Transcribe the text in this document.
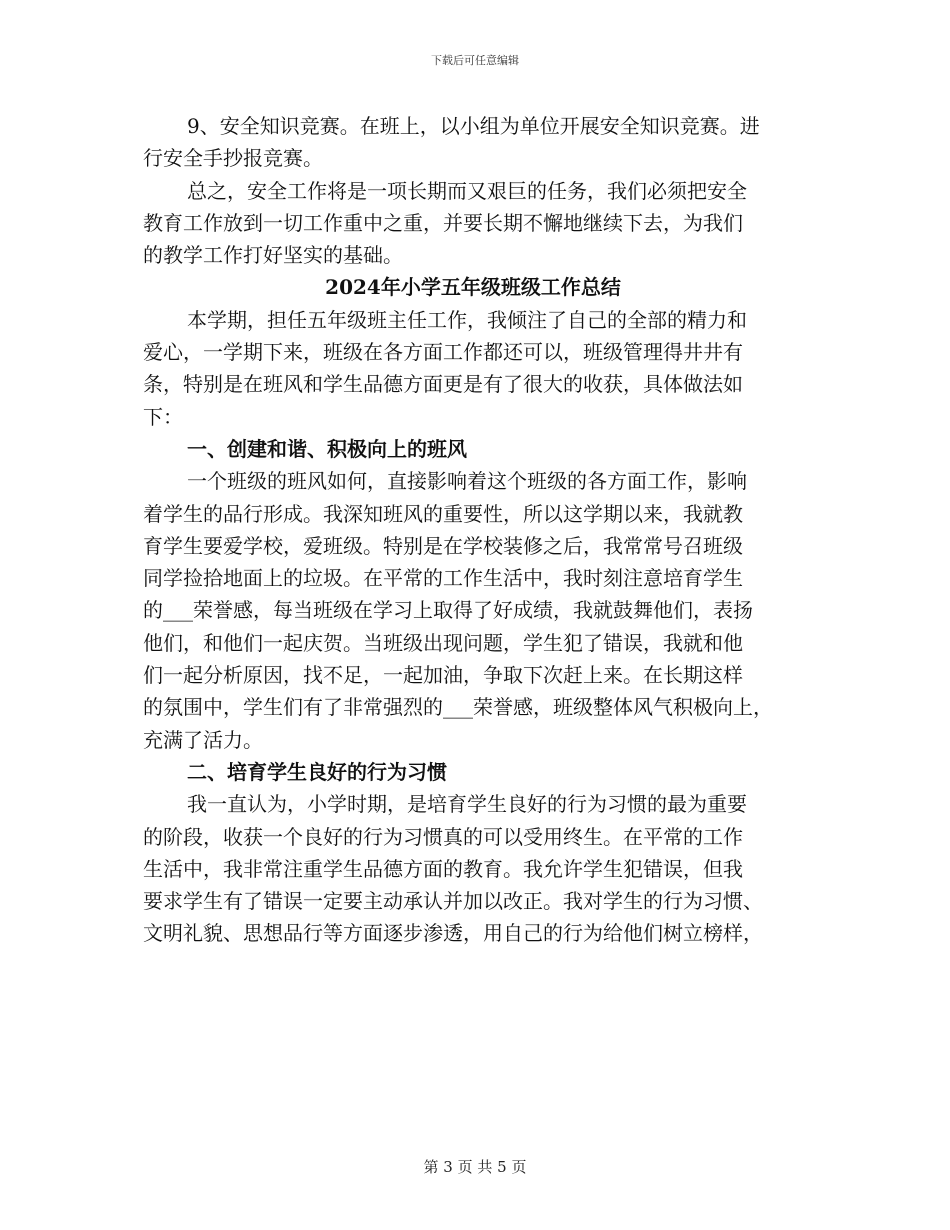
下载后可任意编辑
9、安全知识竞赛。在班上，以小组为单位开展安全知识竞赛。进
行安全手抄报竞赛。
总之，安全工作将是一项长期而又艰巨的任务，我们必须把安全
教育工作放到一切工作重中之重，并要长期不懈地继续下去，为我们
的教学工作打好坚实的基础。
2024年小学五年级班级工作总结
本学期，担任五年级班主任工作，我倾注了自己的全部的精力和
爱心，一学期下来，班级在各方面工作都还可以，班级管理得井井有
条，特别是在班风和学生品德方面更是有了很大的收获，具体做法如
下：
一、创建和谐、积极向上的班风
一个班级的班风如何，直接影响着这个班级的各方面工作，影响
着学生的品行形成。我深知班风的重要性，所以这学期以来，我就教
育学生要爱学校，爱班级。特别是在学校装修之后，我常常号召班级
同学捡拾地面上的垃圾。在平常的工作生活中，我时刻注意培育学生
的___荣誉感，每当班级在学习上取得了好成绩，我就鼓舞他们，表扬
他们，和他们一起庆贺。当班级出现问题，学生犯了错误，我就和他
们一起分析原因，找不足，一起加油，争取下次赶上来。在长期这样
的氛围中，学生们有了非常强烈的___荣誉感，班级整体风气积极向上，
充满了活力。
二、培育学生良好的行为习惯
我一直认为，小学时期，是培育学生良好的行为习惯的最为重要
的阶段，收获一个良好的行为习惯真的可以受用终生。在平常的工作
生活中，我非常注重学生品德方面的教育。我允许学生犯错误，但我
要求学生有了错误一定要主动承认并加以改正。我对学生的行为习惯、
文明礼貌、思想品行等方面逐步渗透，用自己的行为给他们树立榜样，
第 3 页 共 5 页
